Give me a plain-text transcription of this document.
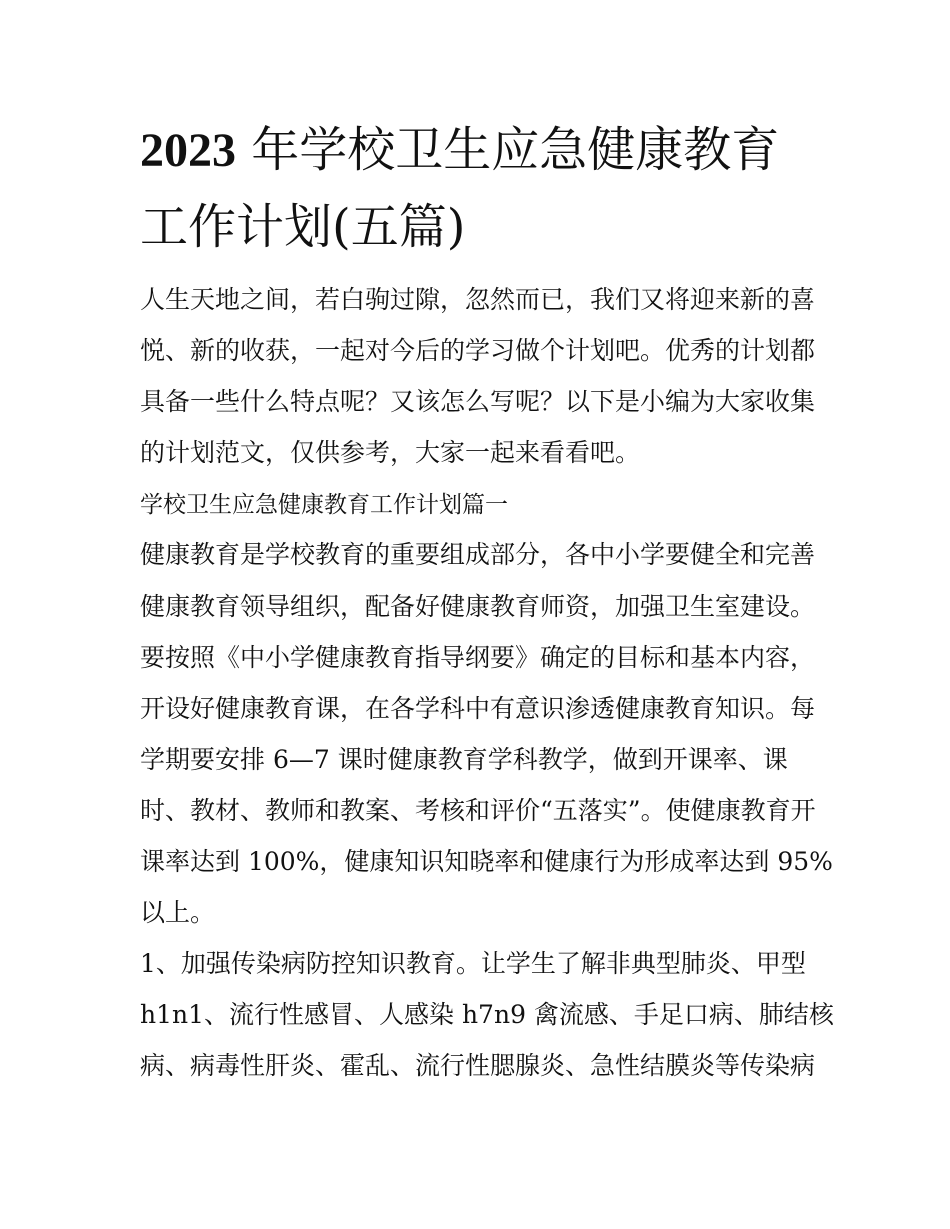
2023 年学校卫生应急健康教育
工作计划(五篇)

人生天地之间，若白驹过隙，忽然而已，我们又将迎来新的喜

悦、新的收获，一起对今后的学习做个计划吧。优秀的计划都

具备一些什么特点呢？又该怎么写呢？以下是小编为大家收集

的计划范文，仅供参考，大家一起来看看吧。

学校卫生应急健康教育工作计划篇一

健康教育是学校教育的重要组成部分，各中小学要健全和完善

健康教育领导组织，配备好健康教育师资，加强卫生室建设。

要按照《中小学健康教育指导纲要》确定的目标和基本内容，

开设好健康教育课，在各学科中有意识渗透健康教育知识。每

学期要安排 6—7 课时健康教育学科教学，做到开课率、课

时、教材、教师和教案、考核和评价“五落实”。使健康教育开

课率达到 100%，健康知识知晓率和健康行为形成率达到 95%

以上。

1、加强传染病防控知识教育。让学生了解非典型肺炎、甲型

h1n1、流行性感冒、人感染 h7n9 禽流感、手足口病、肺结核

病、病毒性肝炎、霍乱、流行性腮腺炎、急性结膜炎等传染病
